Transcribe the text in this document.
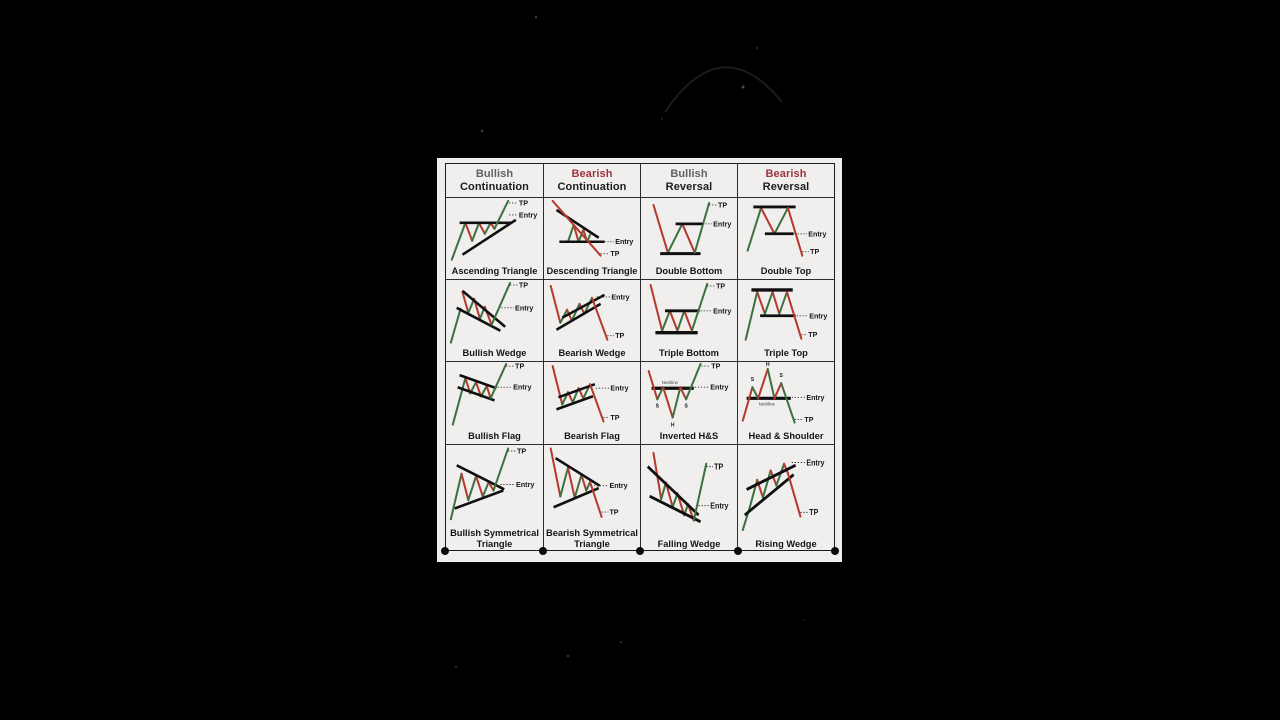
Bullish
Continuation
Bearish
Continuation
Bullish
Reversal
Bearish
Reversal
TP
Entry
Ascending Triangle
Entry
TP
Descending Triangle
TP
Entry
Double Bottom
Entry
TP
Double Top
TP
Entry
Bullish Wedge
Entry
TP
Bearish Wedge
TP
Entry
Triple Bottom
Entry
TP
Triple Top
TP
Entry
Bullish Flag
Entry
TP
Bearish Flag
TP
Entry
Neckline
S
H
S
Inverted H&S
Entry
TP
Neckline
S
H
S
Head & Shoulder
TP
Entry
Bullish Symmetrical Triangle
Entry
TP
Bearish Symmetrical Triangle
TP
Entry
Falling Wedge
Entry
TP
Rising Wedge
